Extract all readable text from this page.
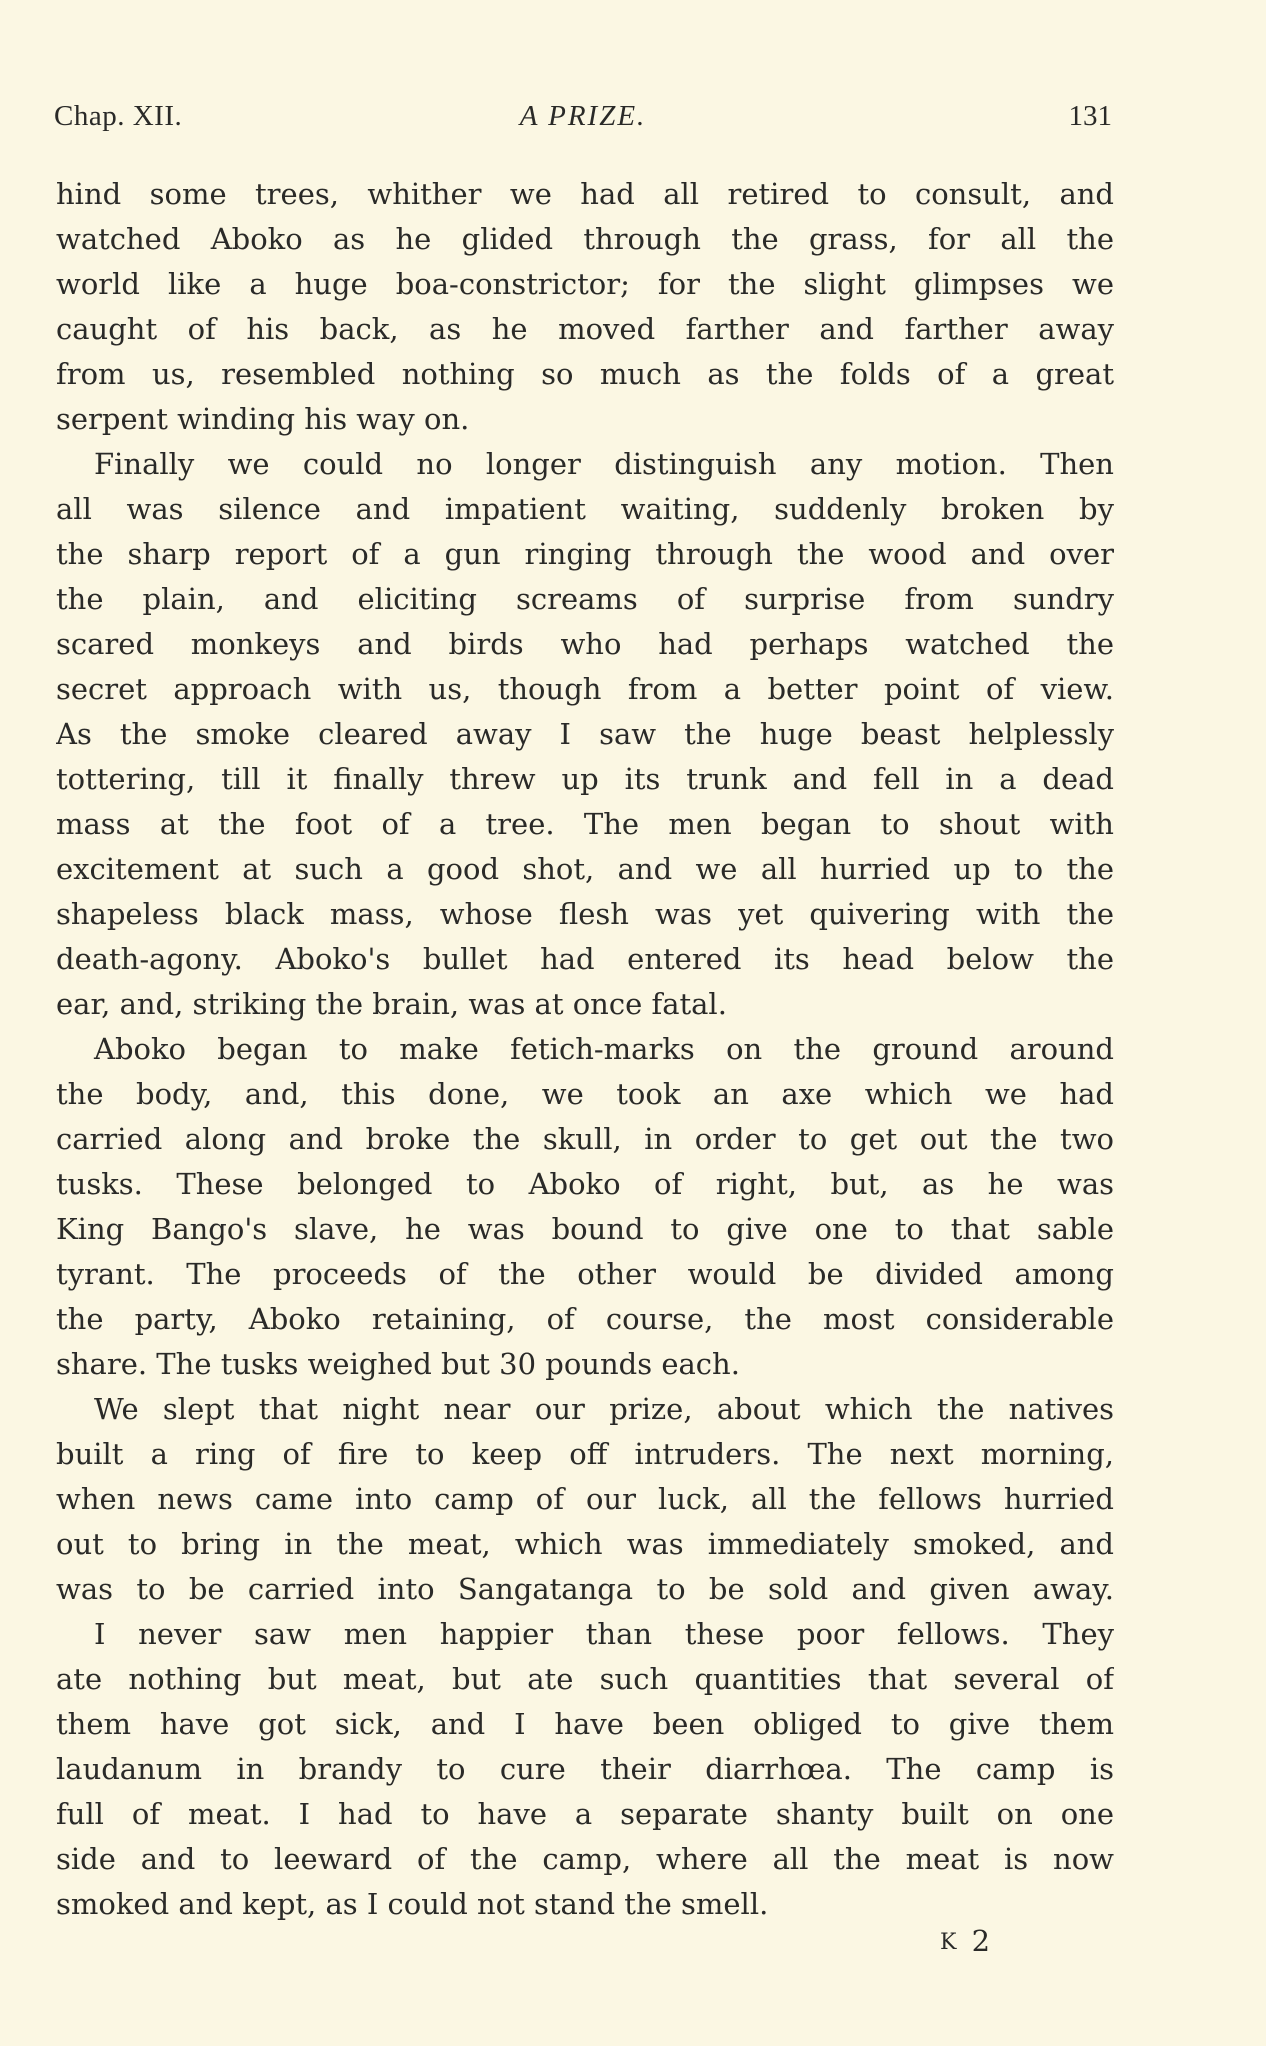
Chap. XII.	A PRIZE.	131
hind some trees, whither we had all retired to consult, and
watched Aboko as he glided through the grass, for all the
world like a huge boa-constrictor; for the slight glimpses we
caught of his back, as he moved farther and farther away
from us, resembled nothing so much as the folds of a great
serpent winding his way on.
Finally we could no longer distinguish any motion. Then
all was silence and impatient waiting, suddenly broken by
the sharp report of a gun ringing through the wood and over
the plain, and eliciting screams of surprise from sundry
scared monkeys and birds who had perhaps watched the
secret approach with us, though from a better point of view.
As the smoke cleared away I saw the huge beast helplessly
tottering, till it finally threw up its trunk and fell in a dead
mass at the foot of a tree. The men began to shout with
excitement at such a good shot, and we all hurried up to the
shapeless black mass, whose flesh was yet quivering with the
death-agony. Aboko's bullet had entered its head below the
ear, and, striking the brain, was at once fatal.
Aboko began to make fetich-marks on the ground around
the body, and, this done, we took an axe which we had
carried along and broke the skull, in order to get out the two
tusks. These belonged to Aboko of right, but, as he was
King Bango's slave, he was bound to give one to that sable
tyrant. The proceeds of the other would be divided among
the party, Aboko retaining, of course, the most considerable
share. The tusks weighed but 30 pounds each.
We slept that night near our prize, about which the natives
built a ring of fire to keep off intruders. The next morning,
when news came into camp of our luck, all the fellows hurried
out to bring in the meat, which was immediately smoked, and
was to be carried into Sangatanga to be sold and given away.
I never saw men happier than these poor fellows. They
ate nothing but meat, but ate such quantities that several of
them have got sick, and I have been obliged to give them
laudanum in brandy to cure their diarrhœa. The camp is
full of meat. I had to have a separate shanty built on one
side and to leeward of the camp, where all the meat is now
smoked and kept, as I could not stand the smell.
K 2
